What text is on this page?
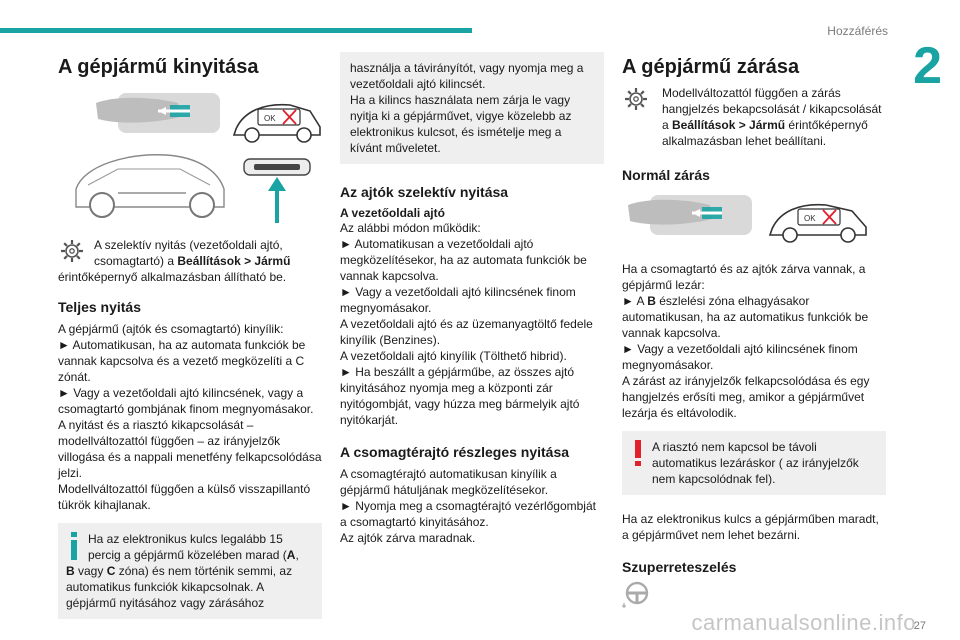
Hozzáférés
2
A gépjármű kinyitása
OK
A szelektív nyitás (vezetőoldali ajtó,
csomagtartó) a Beállítások > Jármű
érintőképernyő alkalmazásban állítható be.
Teljes nyitás

A gépjármű (ajtók és csomagtartó) kinyílik:

► Automatikusan, ha az automata funkciók be vannak kapcsolva és a vezető megközelíti a C zónát.

► Vagy a vezetőoldali ajtó kilincsének, vagy a csomagtartó gombjának finom megnyomásakor.

A nyitást és a riasztó kikapcsolását – modellváltozattól függően – az irányjelzők villogása és a nappali menetfény felkapcsolódása jelzi.

Modellváltozattól függően a külső visszapillantó tükrök kihajlanak.

Ha az elektronikus kulcs legalább 15 percig a gépjármű közelében marad (A,
B vagy C zóna) és nem történik semmi, az automatikus funkciók kikapcsolnak. A gépjármű nyitásához vagy zárásához
használja a távirányítót, vagy nyomja meg a vezetőoldali ajtó kilincsét.
Ha a kilincs használata nem zárja le vagy nyitja ki a gépjárművet, vigye közelebb az elektronikus kulcsot, és ismételje meg a kívánt műveletet.
Az ajtók szelektív nyitása
A vezetőoldali ajtó

Az alábbi módon működik:

► Automatikusan a vezetőoldali ajtó megközelítésekor, ha az automata funkciók be vannak kapcsolva.

► Vagy a vezetőoldali ajtó kilincsének finom megnyomásakor.

A vezetőoldali ajtó és az üzemanyagtöltő fedele kinyílik (Benzines).

A vezetőoldali ajtó kinyílik (Tölthető hibrid).

► Ha beszállt a gépjárműbe, az összes ajtó kinyitásához nyomja meg a központi zár nyitógombját, vagy húzza meg bármelyik ajtó nyitókarját.

A csomagtérajtó részleges nyitása

A csomagtérajtó automatikusan kinyílik a gépjármű hátuljának megközelítésekor.

► Nyomja meg a csomagtérajtó vezérlőgombját a csomagtartó kinyitásához.

Az ajtók zárva maradnak.

A gépjármű zárása
Modellváltozattól függően a zárás hangjelzés bekapcsolását / kikapcsolását a Beállítások > Jármű érintőképernyő alkalmazásban lehet beállítani.
Normál zárás
OK

Ha a csomagtartó és az ajtók zárva vannak, a gépjármű lezár:

► A B észlelési zóna elhagyásakor automatikusan, ha az automatikus funkciók be vannak kapcsolva.

► Vagy a vezetőoldali ajtó kilincsének finom megnyomásakor.

A zárást az irányjelzők felkapcsolódása és egy hangjelzés erősíti meg, amikor a gépjárművet lezárja és eltávolodik.

A riasztó nem kapcsol be távoli automatikus lezáráskor ( az irányjelzők nem kapcsolódnak fel).

Ha az elektronikus kulcs a gépjárműben maradt, a gépjárművet nem lehet bezárni.

Szuperreteszelés
carmanualsonline.info
27
